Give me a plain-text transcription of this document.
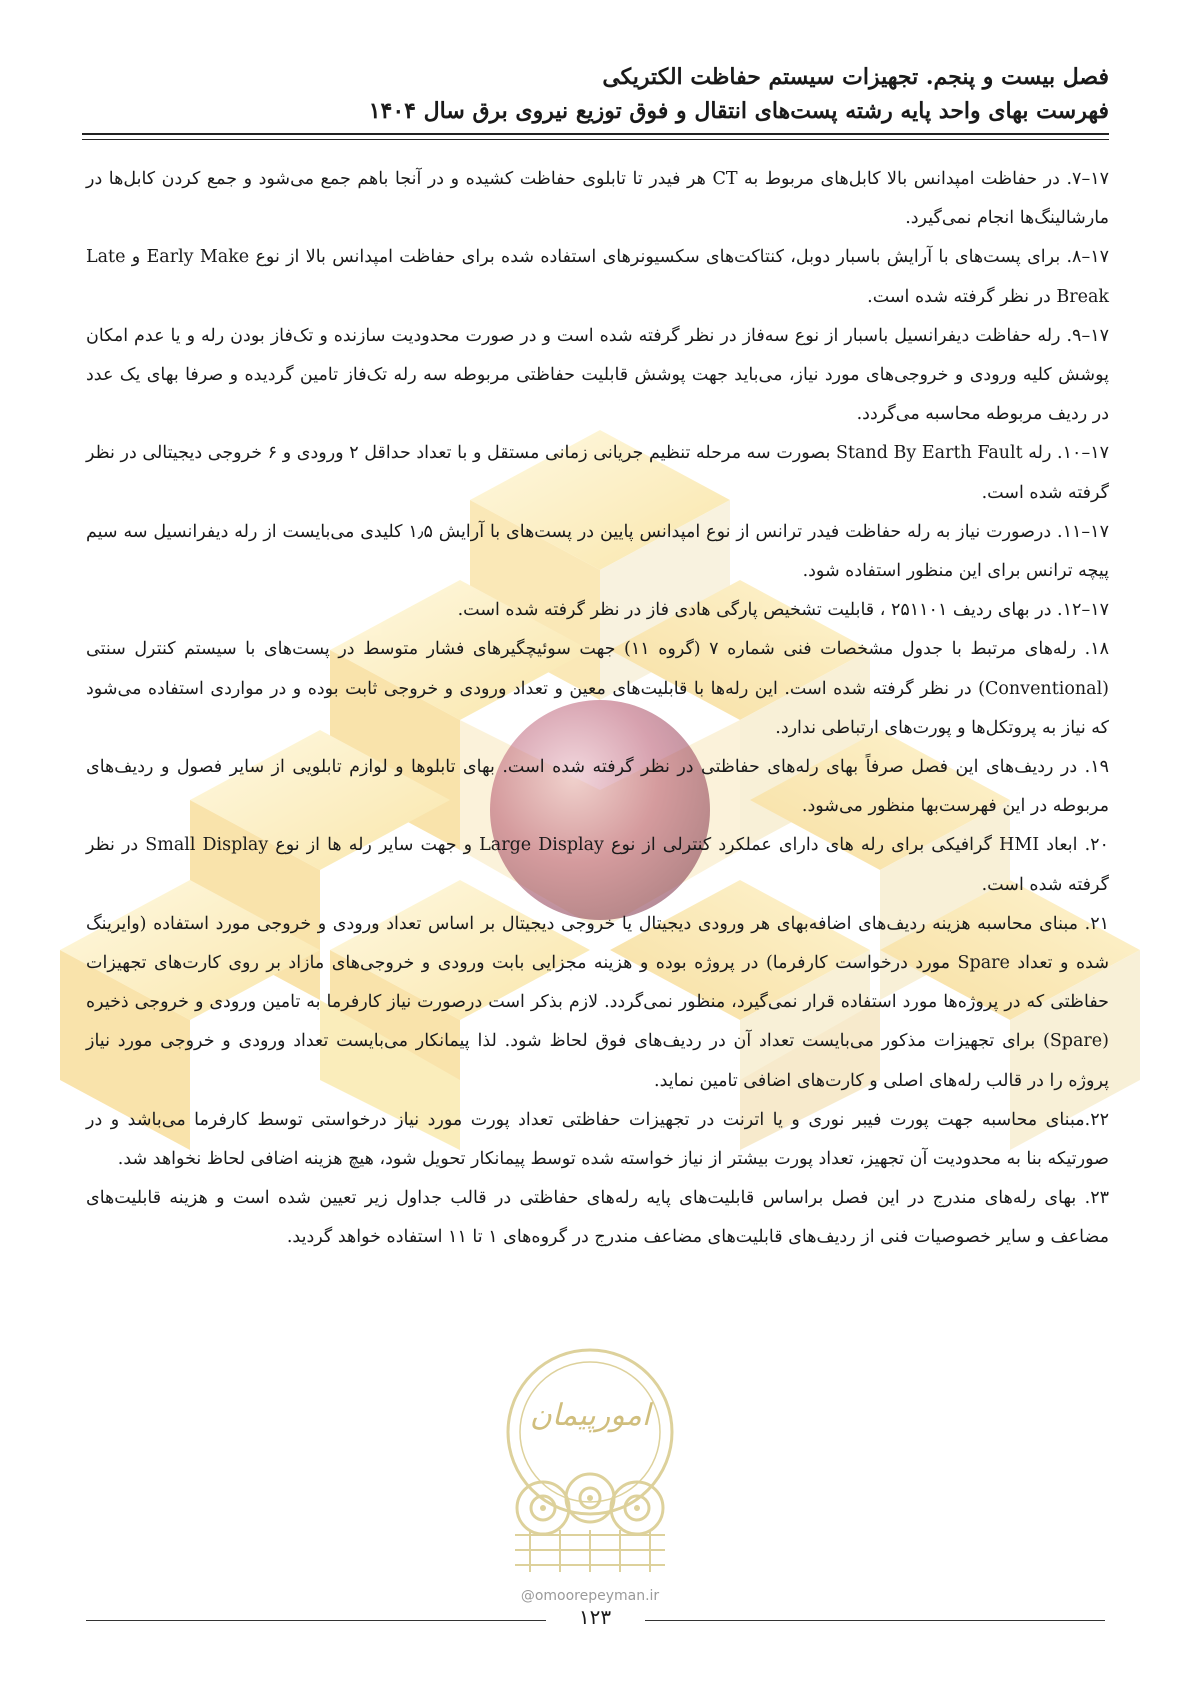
فصل بیست و پنجم. تجهیزات سیستم حفاظت الکتریکی
فهرست بهای واحد پایه رشته پست‌های انتقال و فوق توزیع نیروی برق سال ۱۴۰۴

۱۷–۷. در حفاظت امپدانس بالا کابل‌های مربوط به CT هر فیدر تا تابلوی حفاظت کشیده و در آنجا باهم جمع می‌شود و جمع کردن کابل‌ها در مارشالینگ‌ها انجام نمی‌گیرد.

۱۷–۸. برای پست‌های با آرایش باسبار دوبل، کنتاکت‌های سکسیونرهای استفاده شده برای حفاظت امپدانس بالا از نوع Early Make و Late Break در نظر گرفته شده است.

۱۷–۹. رله حفاظت دیفرانسیل باسبار از نوع سه‌فاز در نظر گرفته شده است و در صورت محدودیت سازنده و تک‌فاز بودن رله و یا عدم امکان پوشش کلیه ورودی و خروجی‌های مورد نیاز، می‌باید جهت پوشش قابلیت حفاظتی مربوطه سه رله تک‌فاز تامین گردیده و صرفا بهای یک عدد در ردیف مربوطه محاسبه می‌گردد.

۱۷–۱۰. رله Stand By Earth Fault بصورت سه مرحله تنظیم جریانی زمانی مستقل و با تعداد حداقل ۲ ورودی و ۶ خروجی دیجیتالی در نظر گرفته شده است.

۱۷–۱۱. درصورت نیاز به رله حفاظت فیدر ترانس از نوع امپدانس پایین در پست‌های با آرایش ۱٫۵ کلیدی می‌بایست از رله دیفرانسیل سه سیم پیچه ترانس برای این منظور استفاده شود.

۱۷–۱۲. در بهای ردیف ۲۵۱۱۰۱ ، قابلیت تشخیص پارگی هادی فاز در نظر گرفته شده است.

۱۸. رله‌های مرتبط با جدول مشخصات فنی شماره ۷ (گروه ۱۱) جهت سوئیچگیرهای فشار متوسط در پست‌های با سیستم کنترل سنتی (Conventional) در نظر گرفته شده است. این رله‌ها با قابلیت‌های معین و تعداد ورودی و خروجی ثابت بوده و در مواردی استفاده می‌شود که نیاز به پروتکل‌ها و پورت‌های ارتباطی ندارد.

۱۹. در ردیف‌های این فصل صرفاً بهای رله‌های حفاظتی در نظر گرفته شده است. بهای تابلوها و لوازم تابلویی از سایر فصول و ردیف‌های مربوطه در این فهرست‌بها منظور می‌شود.

۲۰. ابعاد HMI گرافیکی برای رله های دارای عملکرد کنترلی از نوع Large Display و جهت سایر رله ها از نوع Small Display در نظر گرفته شده است.

۲۱. مبنای محاسبه هزینه ردیف‌های اضافه‌بهای هر ورودی دیجیتال یا خروجی دیجیتال بر اساس تعداد ورودی و خروجی مورد استفاده (وایرینگ شده و تعداد Spare مورد درخواست کارفرما) در پروژه بوده و هزینه مجزایی بابت ورودی و خروجی‌های مازاد بر روی کارت‌های تجهیزات حفاظتی که در پروژه‌ها مورد استفاده قرار نمی‌گیرد، منظور نمی‌گردد. لازم بذکر است درصورت نیاز کارفرما به تامین ورودی و خروجی ذخیره (Spare) برای تجهیزات مذکور می‌بایست تعداد آن در ردیف‌های فوق لحاظ شود. لذا پیمانکار می‌بایست تعداد ورودی و خروجی مورد نیاز پروژه را در قالب رله‌های اصلی و کارت‌های اضافی تامین نماید.

۲۲.مبنای محاسبه جهت پورت فیبر نوری و یا اترنت در تجهیزات حفاظتی تعداد پورت مورد نیاز درخواستی توسط کارفرما می‌باشد و در صورتیکه بنا به محدودیت آن تجهیز، تعداد پورت بیشتر از نیاز خواسته شده توسط پیمانکار تحویل شود، هیچ هزینه اضافی لحاظ نخواهد شد.

۲۳. بهای رله‌های مندرج در این فصل براساس قابلیت‌های پایه رله‌های حفاظتی در قالب جداول زیر تعیین شده است و هزینه قابلیت‌های مضاعف و سایر خصوصیات فنی از ردیف‌های قابلیت‌های مضاعف مندرج در گروه‌های ۱ تا ۱۱ استفاده خواهد گردید.

امورپیمان
@omoorepeyman.ir
۱۲۳
